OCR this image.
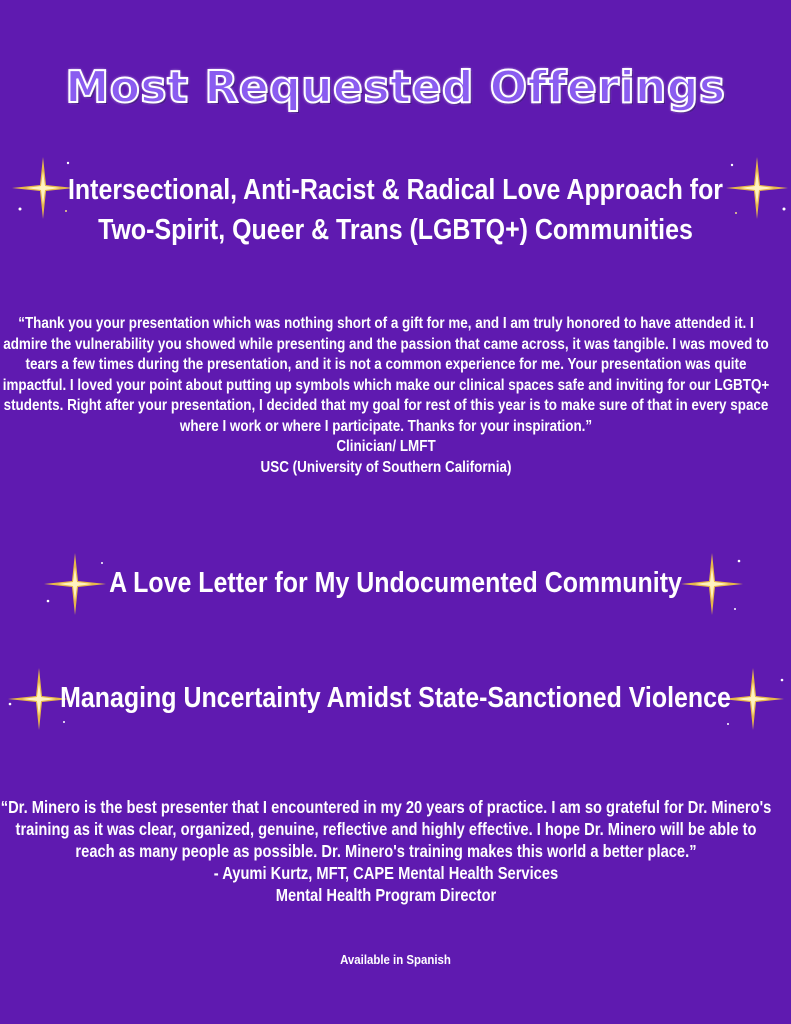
Most Requested Offerings
Intersectional, Anti-Racist & Radical Love Approach for
Two-Spirit, Queer & Trans (LGBTQ+) Communities

“Thank you your presentation which was nothing short of a gift for me, and I am truly honored to have attended it. I admire the vulnerability you showed while presenting and the passion that came across, it was tangible. I was moved to tears a few times during the presentation, and it is not a common experience for me. Your presentation was quite impactful. I loved your point about putting up symbols which make our clinical spaces safe and inviting for our LGBTQ+ students. Right after your presentation, I decided that my goal for rest of this year is to make sure of that in every space where I work or where I participate. Thanks for your inspiration.”

Clinician/ LMFT

USC (University of Southern California)

A Love Letter for My Undocumented Community
Managing Uncertainty Amidst State-Sanctioned Violence

“Dr. Minero is the best presenter that I encountered in my 20 years of practice. I am so grateful for Dr. Minero's training as it was clear, organized, genuine, reflective and highly effective. I hope Dr. Minero will be able to reach as many people as possible. Dr. Minero's training makes this world a better place.”

- Ayumi Kurtz, MFT, CAPE Mental Health Services

Mental Health Program Director

Available in Spanish
